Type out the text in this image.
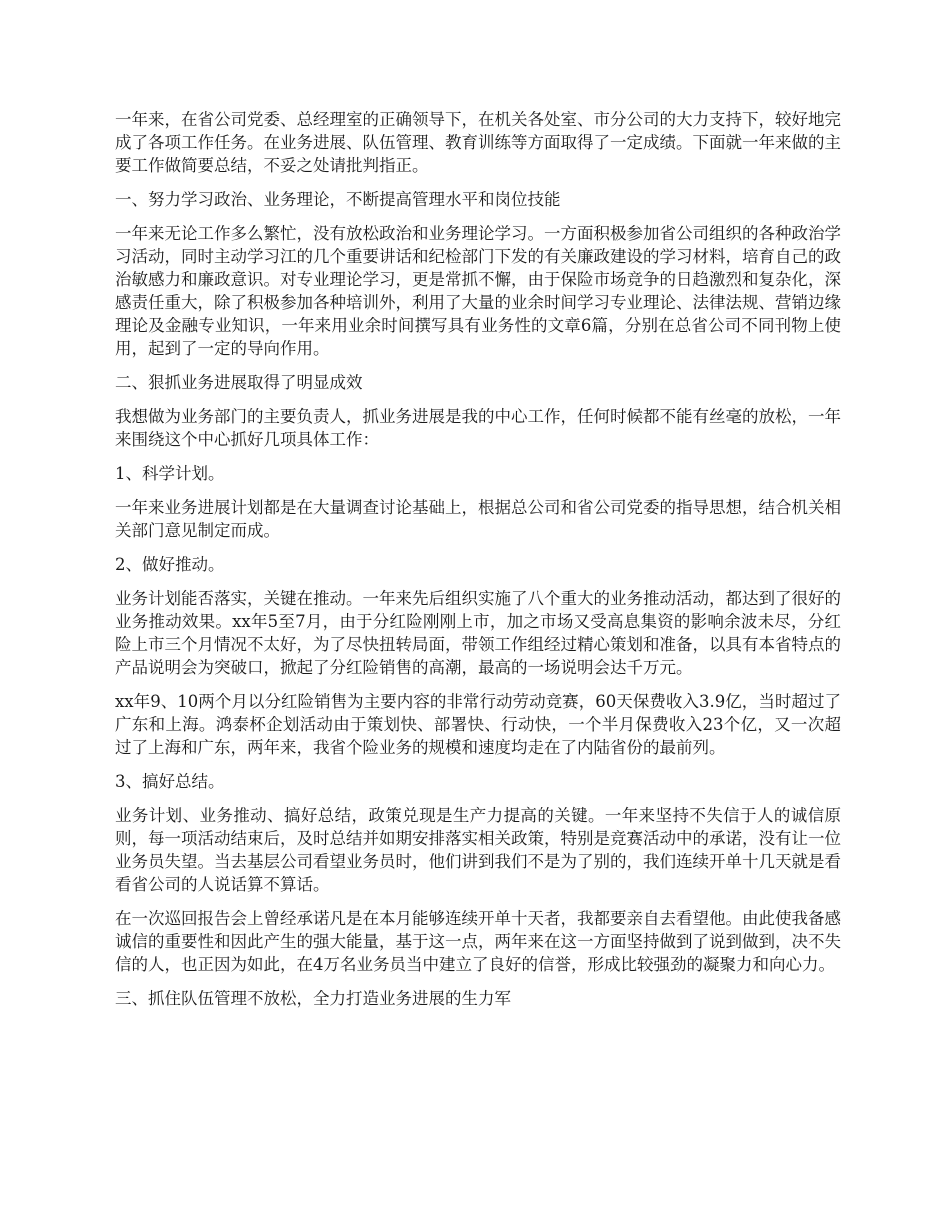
一年来，在省公司党委、总经理室的正确领导下，在机关各处室、市分公司的大力支持下，较好地完成了各项工作任务。在业务进展、队伍管理、教育训练等方面取得了一定成绩。下面就一年来做的主要工作做简要总结，不妥之处请批判指正。

一、努力学习政治、业务理论，不断提高管理水平和岗位技能

一年来无论工作多么繁忙，没有放松政治和业务理论学习。一方面积极参加省公司组织的各种政治学习活动，同时主动学习江的几个重要讲话和纪检部门下发的有关廉政建设的学习材料，培育自己的政治敏感力和廉政意识。对专业理论学习，更是常抓不懈，由于保险市场竞争的日趋激烈和复杂化，深感责任重大，除了积极参加各种培训外，利用了大量的业余时间学习专业理论、法律法规、营销边缘理论及金融专业知识，一年来用业余时间撰写具有业务性的文章6篇，分别在总省公司不同刊物上使用，起到了一定的导向作用。

二、狠抓业务进展取得了明显成效

我想做为业务部门的主要负责人，抓业务进展是我的中心工作，任何时候都不能有丝毫的放松，一年来围绕这个中心抓好几项具体工作：

1、科学计划。

一年来业务进展计划都是在大量调查讨论基础上，根据总公司和省公司党委的指导思想，结合机关相关部门意见制定而成。

2、做好推动。

业务计划能否落实，关键在推动。一年来先后组织实施了八个重大的业务推动活动，都达到了很好的业务推动效果。xx年5至7月，由于分红险刚刚上市，加之市场又受高息集资的影响余波未尽，分红险上市三个月情况不太好，为了尽快扭转局面，带领工作组经过精心策划和准备，以具有本省特点的产品说明会为突破口，掀起了分红险销售的高潮，最高的一场说明会达千万元。

xx年9、10两个月以分红险销售为主要内容的非常行动劳动竞赛，60天保费收入3.9亿，当时超过了广东和上海。鸿泰杯企划活动由于策划快、部署快、行动快，一个半月保费收入23个亿，又一次超过了上海和广东，两年来，我省个险业务的规模和速度均走在了内陆省份的最前列。

3、搞好总结。

业务计划、业务推动、搞好总结，政策兑现是生产力提高的关键。一年来坚持不失信于人的诚信原则，每一项活动结束后，及时总结并如期安排落实相关政策，特别是竞赛活动中的承诺，没有让一位业务员失望。当去基层公司看望业务员时，他们讲到我们不是为了别的，我们连续开单十几天就是看看省公司的人说话算不算话。

在一次巡回报告会上曾经承诺凡是在本月能够连续开单十天者，我都要亲自去看望他。由此使我备感诚信的重要性和因此产生的强大能量，基于这一点，两年来在这一方面坚持做到了说到做到，决不失信的人，也正因为如此，在4万名业务员当中建立了良好的信誉，形成比较强劲的凝聚力和向心力。

三、抓住队伍管理不放松，全力打造业务进展的生力军
